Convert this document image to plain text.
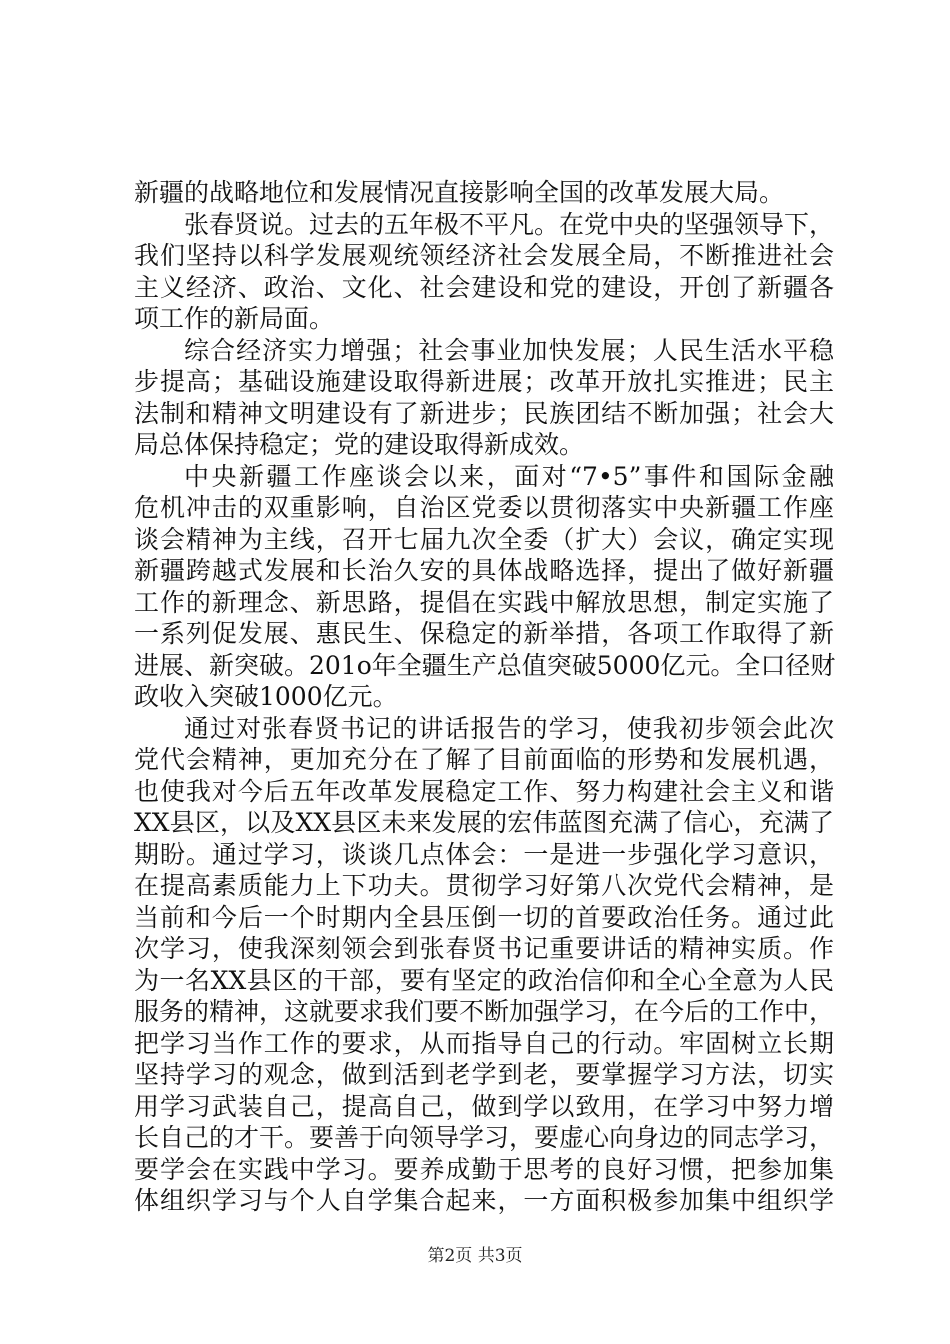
新疆的战略地位和发展情况直接影响全国的改革发展大局。
张春贤说。过去的五年极不平凡。在党中央的坚强领导下，
我们坚持以科学发展观统领经济社会发展全局，不断推进社会
主义经济、政治、文化、社会建设和党的建设，开创了新疆各
项工作的新局面。
综合经济实力增强；社会事业加快发展；人民生活水平稳
步提高；基础设施建设取得新进展；改革开放扎实推进；民主
法制和精神文明建设有了新进步；民族团结不断加强；社会大
局总体保持稳定；党的建设取得新成效。
中央新疆工作座谈会以来，面对“7•5”事件和国际金融
危机冲击的双重影响，自治区党委以贯彻落实中央新疆工作座
谈会精神为主线，召开七届九次全委（扩大）会议，确定实现
新疆跨越式发展和长治久安的具体战略选择，提出了做好新疆
工作的新理念、新思路，提倡在实践中解放思想，制定实施了
一系列促发展、惠民生、保稳定的新举措，各项工作取得了新
进展、新突破。201o年全疆生产总值突破5000亿元。全口径财
政收入突破1000亿元。
通过对张春贤书记的讲话报告的学习，使我初步领会此次
党代会精神，更加充分在了解了目前面临的形势和发展机遇，
也使我对今后五年改革发展稳定工作、努力构建社会主义和谐
XX县区，以及XX县区未来发展的宏伟蓝图充满了信心，充满了
期盼。通过学习，谈谈几点体会：一是进一步强化学习意识，
在提高素质能力上下功夫。贯彻学习好第八次党代会精神，是
当前和今后一个时期内全县压倒一切的首要政治任务。通过此
次学习，使我深刻领会到张春贤书记重要讲话的精神实质。作
为一名XX县区的干部，要有坚定的政治信仰和全心全意为人民
服务的精神，这就要求我们要不断加强学习，在今后的工作中，
把学习当作工作的要求，从而指导自己的行动。牢固树立长期
坚持学习的观念，做到活到老学到老，要掌握学习方法，切实
用学习武装自己，提高自己，做到学以致用，在学习中努力增
长自己的才干。要善于向领导学习，要虚心向身边的同志学习，
要学会在实践中学习。要养成勤于思考的良好习惯，把参加集
体组织学习与个人自学集合起来，一方面积极参加集中组织学
第2页 共3页
